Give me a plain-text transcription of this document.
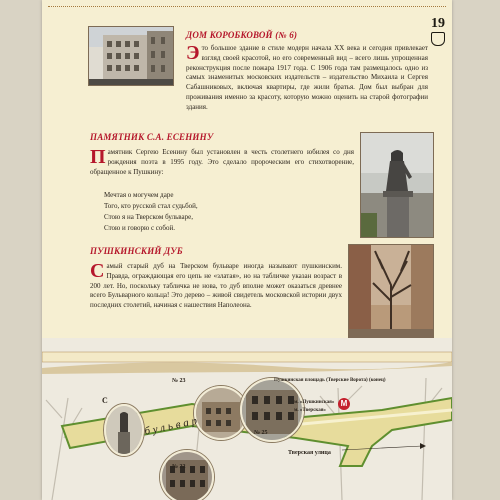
19
ДОМ КОРОБКОВОЙ (№ 6)

Это большое здание в стиле модерн начала XX века и сегодня привлекает взгляд своей красотой, но его современный вид – всего лишь упрощенная реконструкция после пожара 1917 года. С 1906 года там размещалось одно из самых знаменитых московских издательств – издательство Михаила и Сергея Сабашниковых, включая квартиры, где жили братья. Дом был выбран для проживания именно за красоту, которую можно оценить на старой фотографии здания.

ПАМЯТНИК С.А. ЕСЕНИНУ

Памятник Сергею Есенину был установлен в честь столетнего юбилея со дня рождения поэта в 1995 году. Это сделало пророческим его стихотворение, обращенное к Пушкину:

Мечтая о могучем даре
Того, кто русской стал судьбой,
Стою я на Тверском бульваре,
Стою и говорю с собой.
ПУШКИНСКИЙ ДУБ

Самый старый дуб на Тверском бульваре иногда называют пушкинским. Правда, ограждающая его цепь не «златая», но на табличке указан возраст в 200 лет. Но, поскольку табличка не нова, то дуб вполне может оказаться древнее всего Бульварного кольца! Это дерево – живой свидетель московской истории двух последних столетий, начиная с нашествия Наполеона.

№ 23
№ 25
№ 22
Пушкинская площадь (Тверские Ворота) (конец)
м. «Пушкинская»
м. «Тверская»
М
Тверская улица
С
бульвар
